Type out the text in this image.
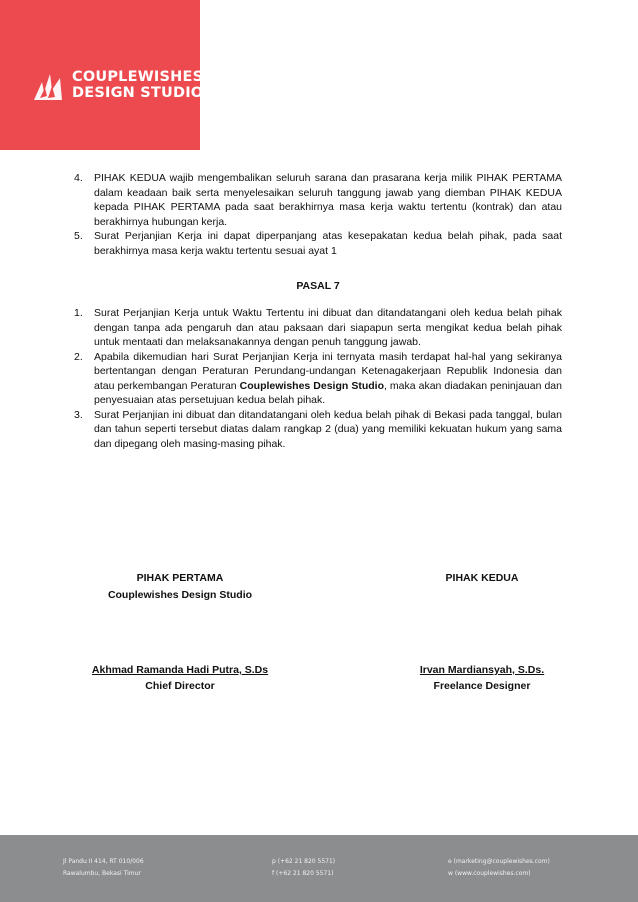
COUPLEWISHES
DESIGN STUDIO.
4. PIHAK KEDUA wajib mengembalikan seluruh sarana dan prasarana kerja milik PIHAK PERTAMA dalam keadaan baik serta menyelesaikan seluruh tanggung jawab yang diemban PIHAK KEDUA kepada PIHAK PERTAMA pada saat berakhirnya masa kerja waktu tertentu (kontrak) dan atau berakhirnya hubungan kerja.
5. Surat Perjanjian Kerja ini dapat diperpanjang atas kesepakatan kedua belah pihak, pada saat berakhirnya masa kerja waktu tertentu sesuai ayat 1
PASAL 7
1. Surat Perjanjian Kerja untuk Waktu Tertentu ini dibuat dan ditandatangani oleh kedua belah pihak dengan tanpa ada pengaruh dan atau paksaan dari siapapun serta mengikat kedua belah pihak untuk mentaati dan melaksanakannya dengan penuh tanggung jawab.
2. Apabila dikemudian hari Surat Perjanjian Kerja ini ternyata masih terdapat hal-hal yang sekiranya bertentangan dengan Peraturan Perundang-undangan Ketenagakerjaan Republik Indonesia dan atau perkembangan Peraturan Couplewishes Design Studio, maka akan diadakan peninjauan dan penyesuaian atas persetujuan kedua belah pihak.
3. Surat Perjanjian ini dibuat dan ditandatangani oleh kedua belah pihak di Bekasi pada tanggal, bulan dan tahun seperti tersebut diatas dalam rangkap 2 (dua) yang memiliki kekuatan hukum yang sama dan dipegang oleh masing-masing pihak.
PIHAK PERTAMA
Couplewishes Design Studio
Akhmad Ramanda Hadi Putra, S.Ds
Chief Director
PIHAK KEDUA
Irvan Mardiansyah, S.Ds.
Freelance Designer
Jl Pandu II 414, RT 010/006
Rawalumbu, Bekasi Timur
p (+62 21 820 5571)
f (+62 21 820 5571)
e (marketing@couplewishes.com)
w (www.couplewishes.com)
